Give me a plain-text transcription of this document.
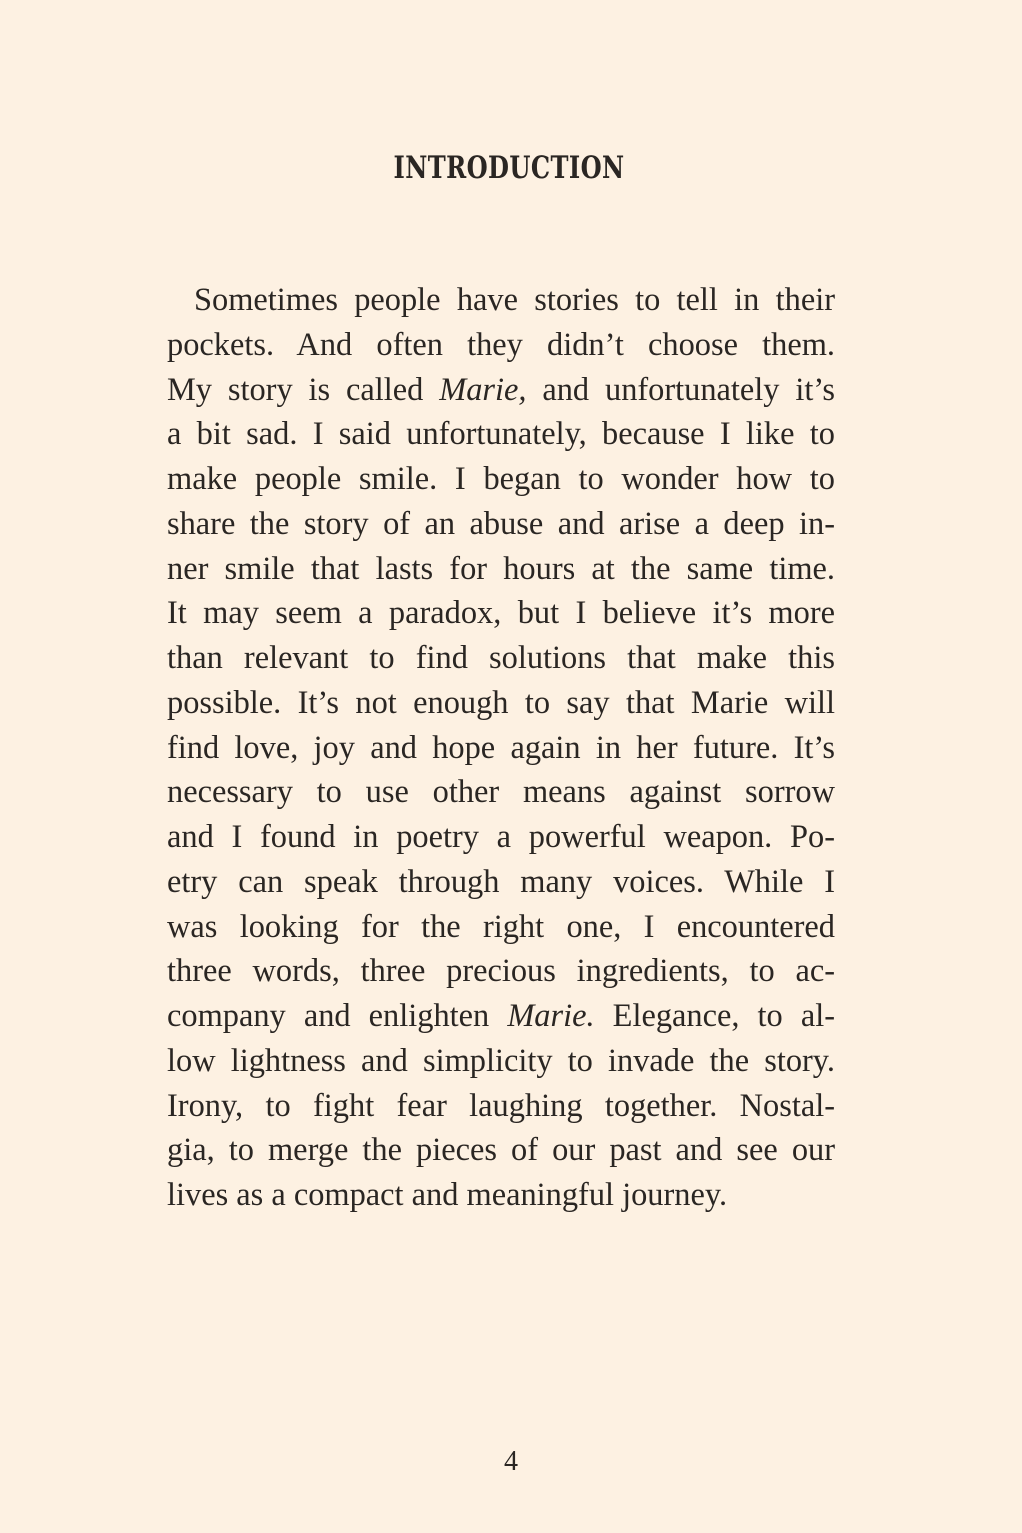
INTRODUCTION
Sometimes people have stories to tell in their
pockets. And often they didn’t choose them.
My story is called Marie, and unfortunately it’s
a bit sad. I said unfortunately, because I like to
make people smile. I began to wonder how to
share the story of an abuse and arise a deep in-
ner smile that lasts for hours at the same time.
It may seem a paradox, but I believe it’s more
than relevant to find solutions that make this
possible. It’s not enough to say that Marie will
find love, joy and hope again in her future. It’s
necessary to use other means against sorrow
and I found in poetry a powerful weapon. Po-
etry can speak through many voices. While I
was looking for the right one, I encountered
three words, three precious ingredients, to ac-
company and enlighten Marie. Elegance, to al-
low lightness and simplicity to invade the story.
Irony, to fight fear laughing together. Nostal-
gia, to merge the pieces of our past and see our
lives as a compact and meaningful journey.
4
